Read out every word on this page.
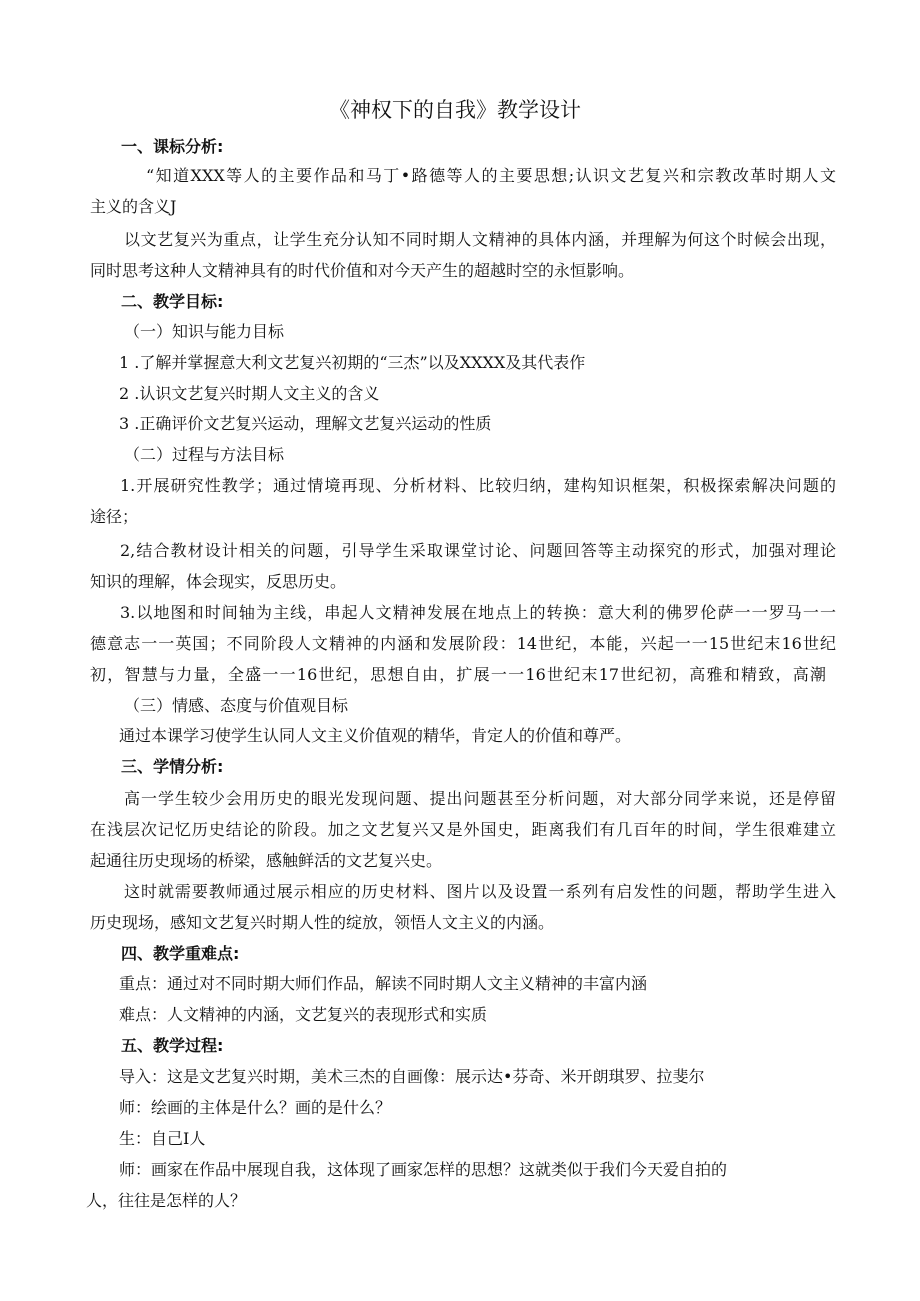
《神权下的自我》教学设计
一、课标分析:
“知道XXX等人的主要作品和马丁•路德等人的主要思想;认识文艺复兴和宗教改革时期人文
主义的含义J
以文艺复兴为重点，让学生充分认知不同时期人文精神的具体内涵，并理解为何这个时候会出现，
同时思考这种人文精神具有的时代价值和对今天产生的超越时空的永恒影响。
二、教学目标:
（一）知识与能力目标
1 .了解并掌握意大利文艺复兴初期的“三杰”以及XXXX及其代表作
2 .认识文艺复兴时期人文主义的含义
3 .正确评价文艺复兴运动，理解文艺复兴运动的性质
（二）过程与方法目标
1.开展研究性教学；通过情境再现、分析材料、比较归纳，建构知识框架，积极探索解决问题的
途径；
2,结合教材设计相关的问题，引导学生采取课堂讨论、问题回答等主动探究的形式，加强对理论
知识的理解，体会现实，反思历史。
3.以地图和时间轴为主线，串起人文精神发展在地点上的转换：意大利的佛罗伦萨一一罗马一一
德意志一一英国；不同阶段人文精神的内涵和发展阶段：14世纪，本能，兴起一一15世纪末16世纪
初，智慧与力量，全盛一一16世纪，思想自由，扩展一一16世纪末17世纪初，高雅和精致，高潮
（三）情感、态度与价值观目标
通过本课学习使学生认同人文主义价值观的精华，肯定人的价值和尊严。
三、学情分析:
高一学生较少会用历史的眼光发现问题、提出问题甚至分析问题，对大部分同学来说，还是停留
在浅层次记忆历史结论的阶段。加之文艺复兴又是外国史，距离我们有几百年的时间，学生很难建立
起通往历史现场的桥梁，感触鲜活的文艺复兴史。
这时就需要教师通过展示相应的历史材料、图片以及设置一系列有启发性的问题，帮助学生进入
历史现场，感知文艺复兴时期人性的绽放，领悟人文主义的内涵。
四、教学重难点:
重点：通过对不同时期大师们作品，解读不同时期人文主义精神的丰富内涵
难点：人文精神的内涵，文艺复兴的表现形式和实质
五、教学过程:
导入：这是文艺复兴时期，美术三杰的自画像：展示达•芬奇、米开朗琪罗、拉斐尔
师：绘画的主体是什么？画的是什么？
生：自己I人
师：画家在作品中展现自我，这体现了画家怎样的思想？这就类似于我们今天爱自拍的
人，往往是怎样的人？
